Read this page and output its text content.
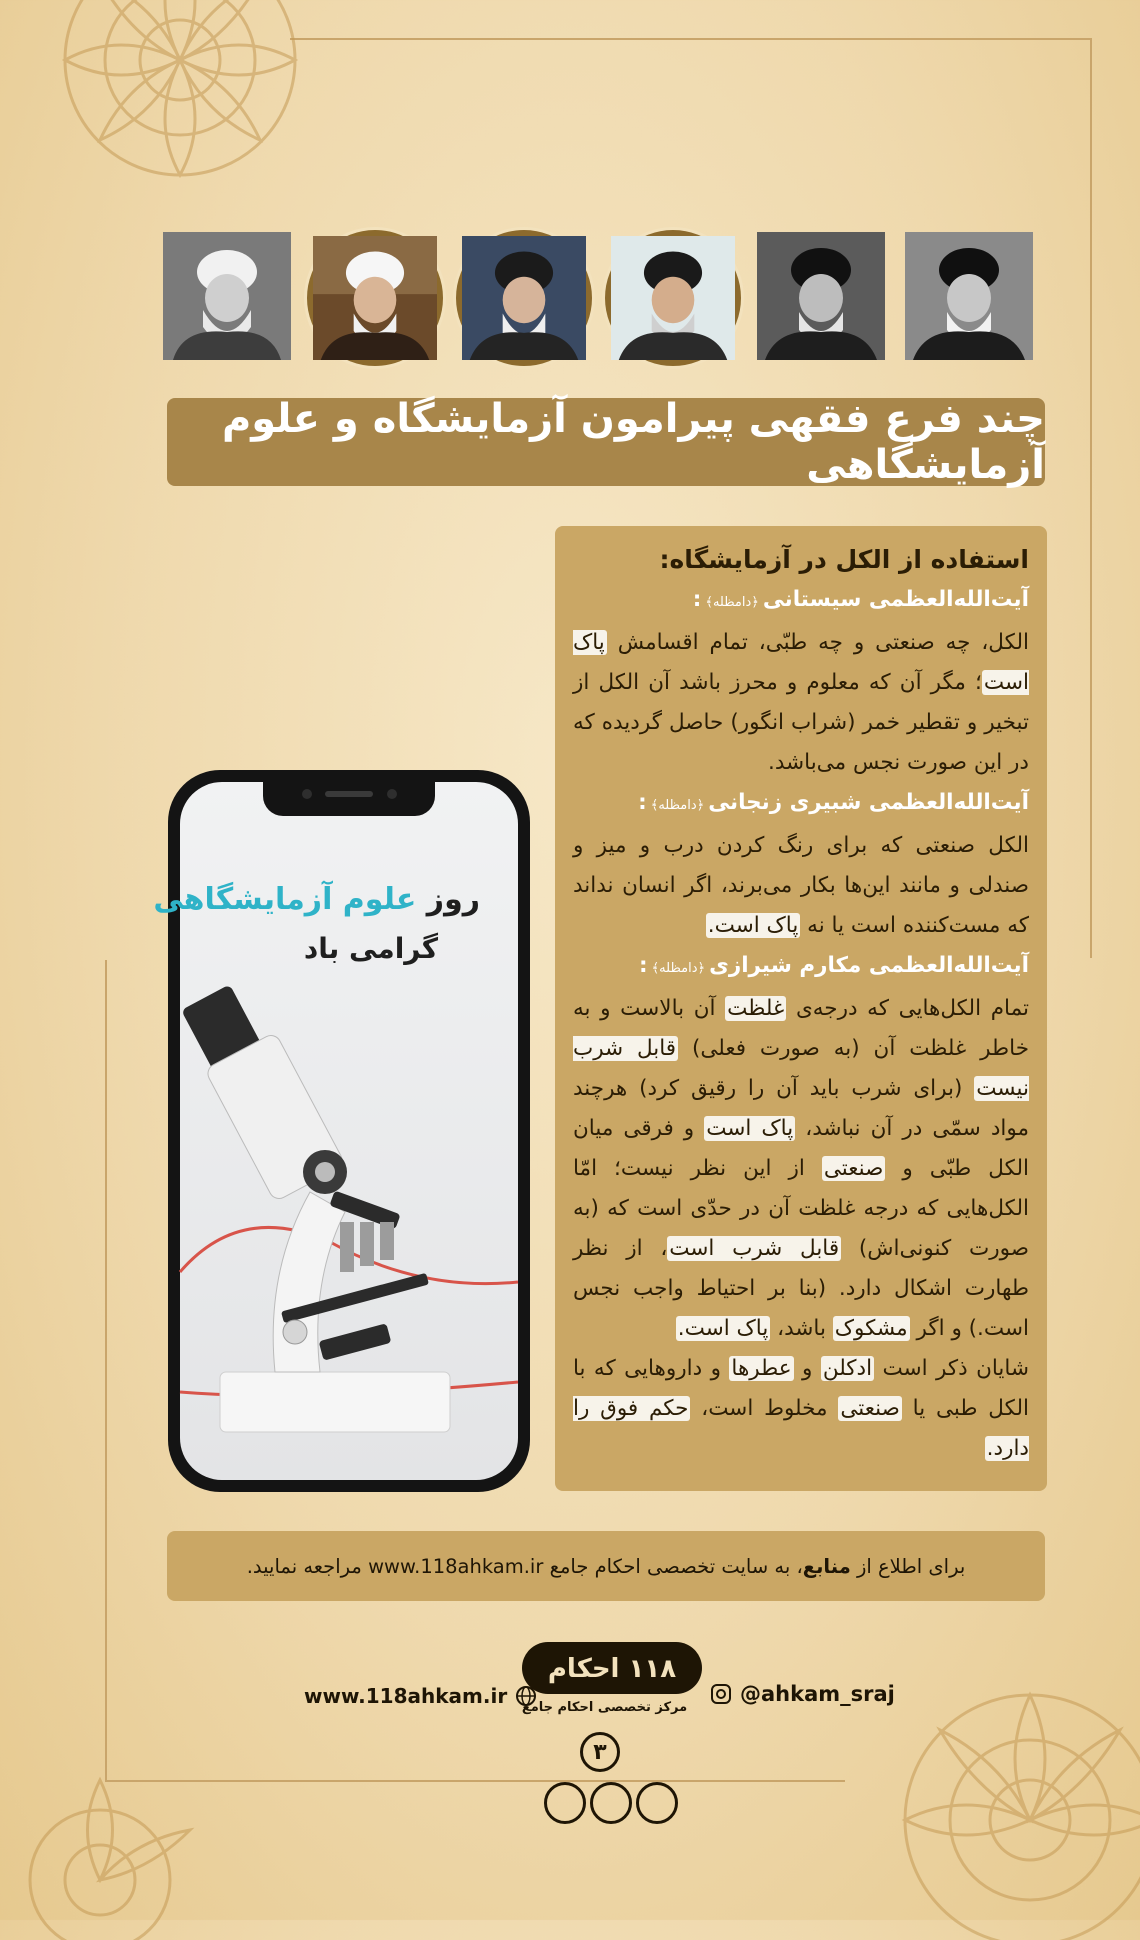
چند فرع فقهی پیرامون آزمایشگاه و علوم آزمایشگاهی
استفاده از الکل در آزمایشگاه:

آیت‌الله‌العظمی سیستانی﴿دامظله﴾:

الکل، چه صنعتی و چه طبّی، تمام اقسامش پاک است؛ مگر آن که معلوم و محرز باشد آن الکل از تبخیر و تقطیر خمر (شراب انگور) حاصل گردیده که در این صورت نجس می‌باشد.

آیت‌الله‌العظمی شبیری زنجانی﴿دامظله﴾:

الکل صنعتی که برای رنگ کردن درب و میز و صندلی و مانند این‌ها بکار می‌برند، اگر انسان نداند که مست‌کننده است یا نه پاک است.

آیت‌الله‌العظمی مکارم شیرازی﴿دامظله﴾:

تمام الکل‌هایی که درجه‌ی غلظت آن بالاست و به خاطر غلظت آن (به صورت فعلی) قابل شرب نیست (برای شرب باید آن را رقیق کرد) هرچند مواد سمّی در آن نباشد، پاک است و فرقی میان الکل طبّی و صنعتی از این نظر نیست؛ امّا الکل‌هایی که درجه غلظت آن در حدّی است که (به صورت کنونی‌اش) قابل شرب است، از نظر طهارت اشکال دارد. (بنا بر احتیاط واجب نجس است.) و اگر مشکوک باشد، پاک است.

شایان ذکر است ادکلن و عطرها و داروهایی که با الکل طبی یا صنعتی مخلوط است، حکم فوق را دارد.

روز علوم آزمایشگاهی
گرامی باد
برای اطلاع از

منابع
، به سایت تخصصی احکام جامع www.118ahkam.ir مراجعه نمایید.
www.118ahkam.ir
۱۱۸ احکام
مرکز تخصصی احکام جامع
@ahkam_sraj
۳
